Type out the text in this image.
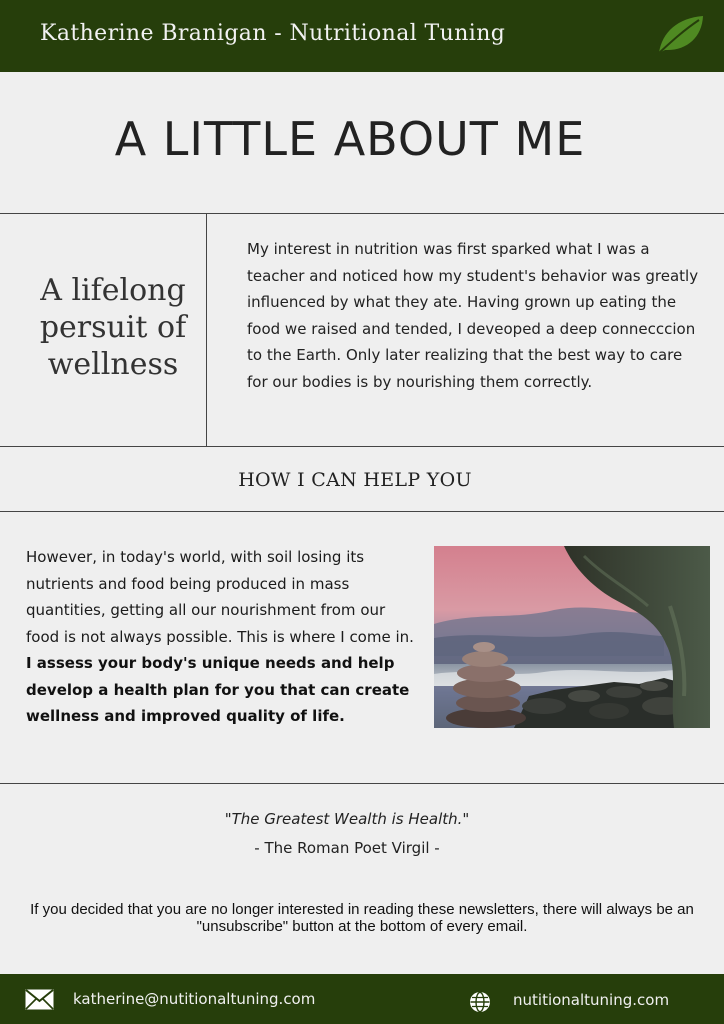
Katherine Branigan - Nutritional Tuning
A LITTLE ABOUT ME
A lifelong persuit of wellness
My interest in nutrition was first sparked what I was a teacher and noticed how my student's behavior was greatly influenced by what they ate. Having grown up eating the food we raised and tended, I deveoped a deep connecccion to the Earth. Only later realizing that the best way to care for our bodies is by nourishing them correctly.
HOW I CAN HELP YOU
However, in today's world, with soil losing its nutrients and food being produced in mass quantities, getting all our nourishment from our food is not always possible. This is where I come in. I assess your body's unique needs and help develop a health plan for you that can create wellness and improved quality of life.
"The Greatest Wealth is Health."
- The Roman Poet Virgil -
If you decided that you are no longer interested in reading these newsletters, there will always be an "unsubscribe" button at the bottom of every email.
katherine@nutitionaltuning.com	nutitionaltuning.com
